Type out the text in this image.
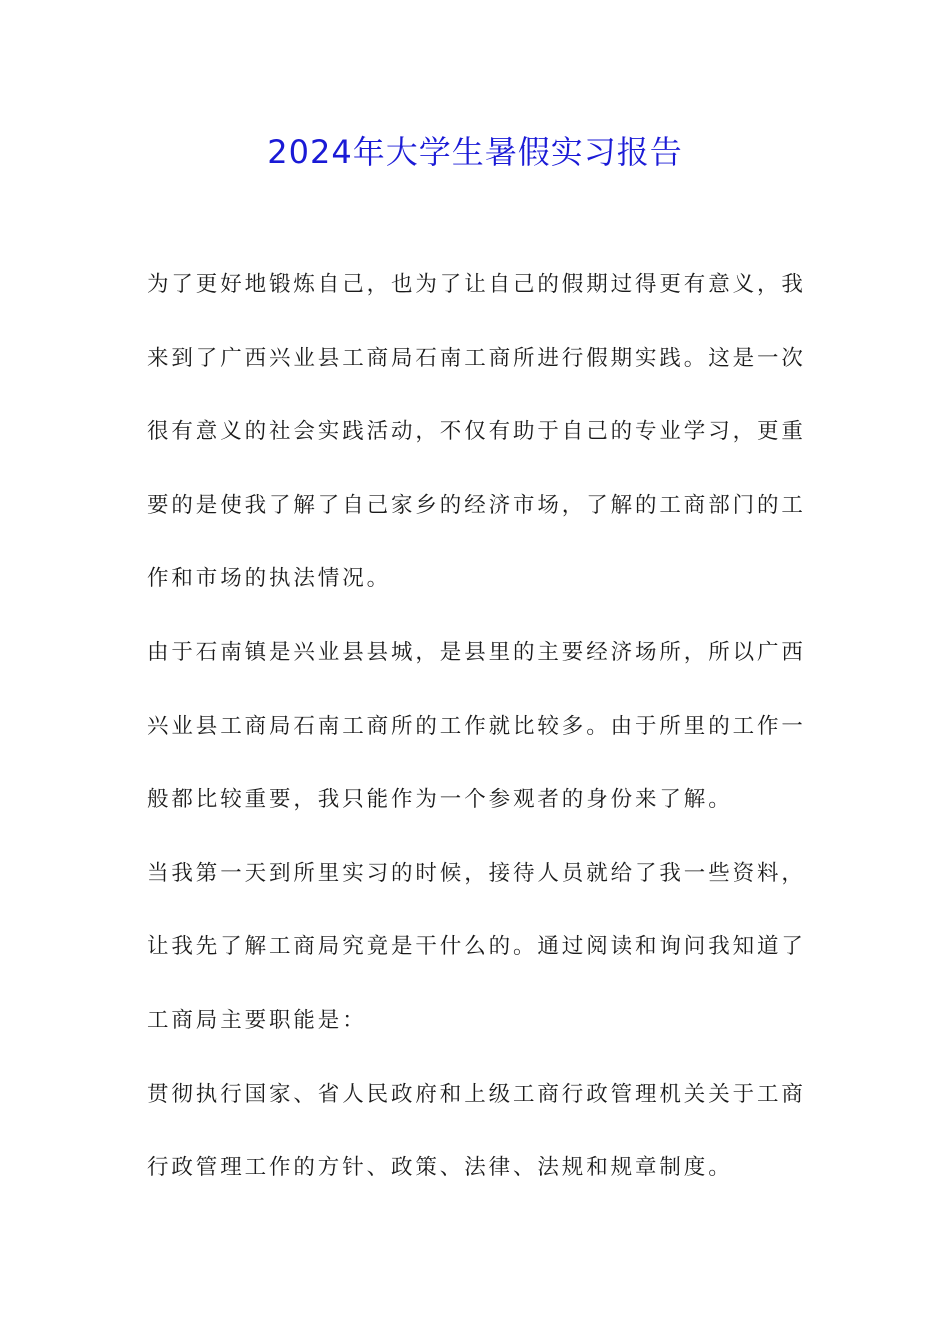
2024年大学生暑假实习报告
为了更好地锻炼自己，也为了让自己的假期过得更有意义，我
来到了广西兴业县工商局石南工商所进行假期实践。这是一次
很有意义的社会实践活动，不仅有助于自己的专业学习，更重
要的是使我了解了自己家乡的经济市场，了解的工商部门的工
作和市场的执法情况。
由于石南镇是兴业县县城，是县里的主要经济场所，所以广西
兴业县工商局石南工商所的工作就比较多。由于所里的工作一
般都比较重要，我只能作为一个参观者的身份来了解。
当我第一天到所里实习的时候，接待人员就给了我一些资料，
让我先了解工商局究竟是干什么的。通过阅读和询问我知道了
工商局主要职能是：
贯彻执行国家、省人民政府和上级工商行政管理机关关于工商
行政管理工作的方针、政策、法律、法规和规章制度。
